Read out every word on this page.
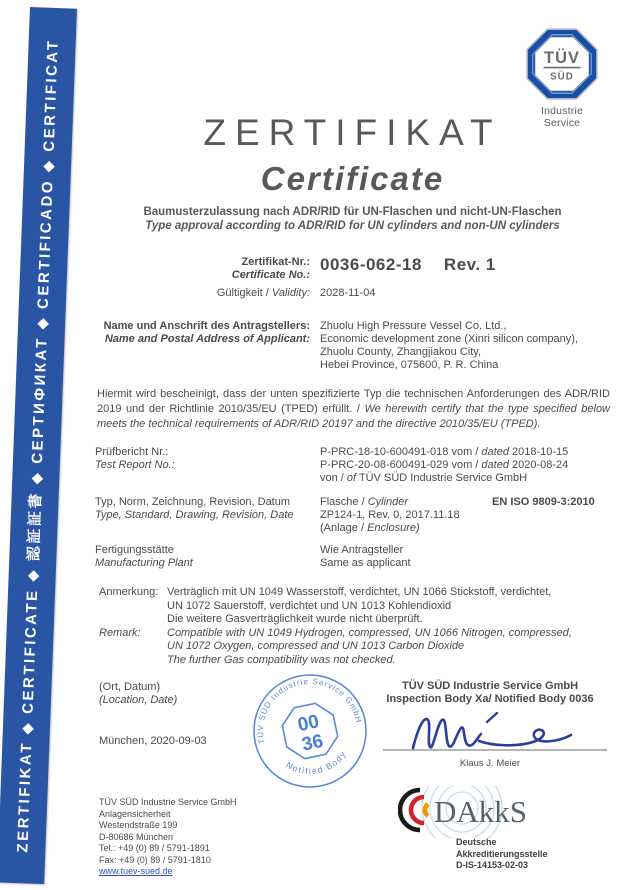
ZERTIFIKAT ◆ CERTIFICATE ◆ 認証証書 ◆ СЕРТИФИКАТ ◆ CERTIFICADO ◆ CERTIFICAT	TÜV
SÜD
Industrie Service
ZERTIFIKAT
Certificate
Baumusterzulassung nach ADR/RID für UN-Flaschen und nicht-UN-Flaschen
Type approval according to ADR/RID for UN cylinders and non-UN cylinders
Zertifikat-Nr.:
Certificate No.:
0036-062-18 Rev. 1
Gültigkeit / Validity: 2028-11-04
Name und Anschrift des Antragstellers:
Name and Postal Address of Applicant:
Zhuolu High Pressure Vessel Co. Ltd.,
Economic development zone (Xinri silicon company),
Zhuolu County, Zhangjiakou City,
Hebei Province, 075600, P. R. China
Hiermit wird bescheinigt, dass der unten spezifizierte Typ die technischen Anforderungen des ADR/RID 2019 und der Richtlinie 2010/35/EU (TPED) erfüllt. / We herewith certify that the type specified below meets the technical requirements of ADR/RID 20197 and the directive 2010/35/EU (TPED).
Prüfbericht Nr.:
Test Report No.:
P-PRC-18-10-600491-018 vom / dated 2018-10-15
P-PRC-20-08-600491-029 vom / dated 2020-08-24
von / of TÜV SÜD Industrie Service GmbH
Typ, Norm, Zeichnung, Revision, Datum
Type, Standard, Drawing, Revision, Date
Flasche / Cylinder	EN ISO 9809-3:2010
ZP124-1, Rev. 0, 2017.11.18
(Anlage / Enclosure)
Fertigungsstätte
Manufacturing Plant
Wie Antragsteller
Same as applicant
Anmerkung: Verträglich mit UN 1049 Wasserstoff, verdichtet, UN 1066 Stickstoff, verdichtet,
UN 1072 Sauerstoff, verdichtet und UN 1013 Kohlendioxid
Die weitere Gasverträglichkeit wurde nicht überprüft.
Remark:	Compatible with UN 1049 Hydrogen, compressed, UN 1066 Nitrogen, compressed,
UN 1072 Oxygen, compressed and UN 1013 Carbon Dioxide
The further Gas compatibility was not checked.
(Ort, Datum)
(Location, Date)
München, 2020-09-03	TÜV SÜD Industrie Service GmbH
Notified Body
00
36
TÜV SÜD Industrie Service GmbH
Inspection Body Xa/ Notified Body 0036
Klaus J. Meier
TÜV SÜD Industrie Service GmbH
Anlagensicherheit
Westendstraße 199
D-80686 München
Tel.: +49 (0) 89 / 5791-1891
Fax: +49 (0) 89 / 5791-1810
www.tuev-sued.de
DAkkS
Deutsche
Akkreditierungsstelle
D-IS-14153-02-03
